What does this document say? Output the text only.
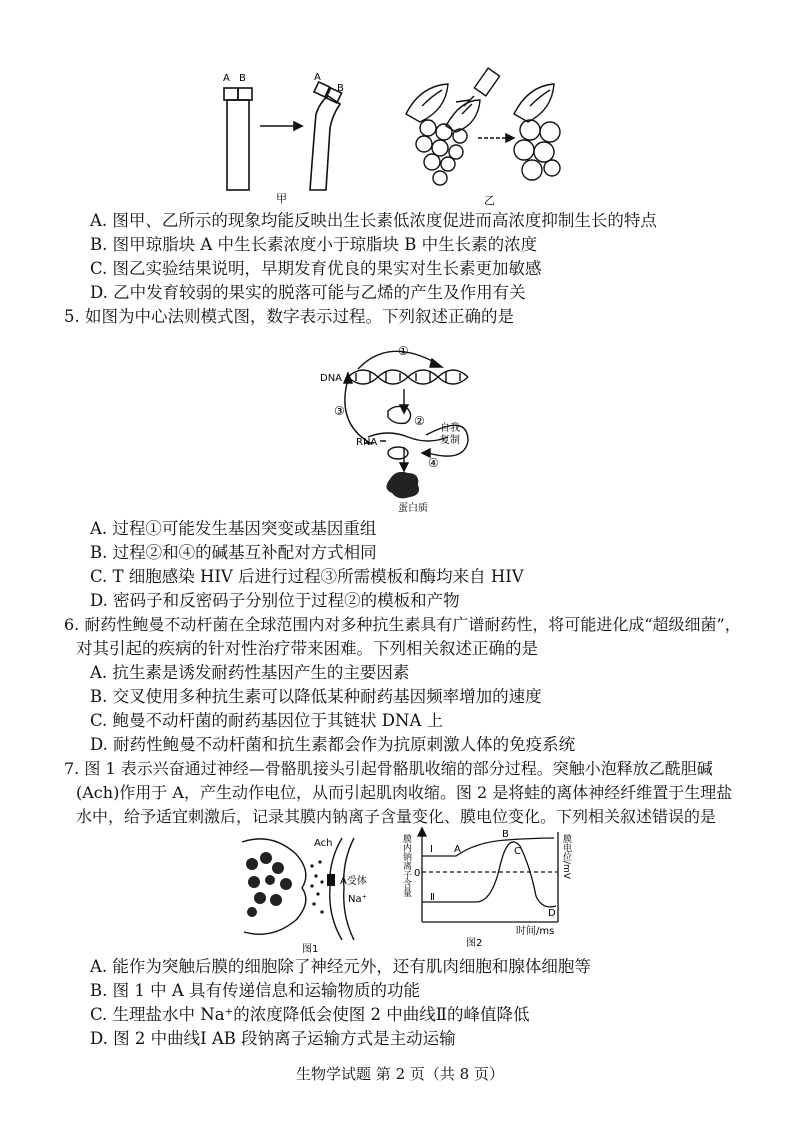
A B	A
B
甲	乙
A. 图甲、乙所示的现象均能反映出生长素低浓度促进而高浓度抑制生长的特点
B. 图甲琼脂块 A 中生长素浓度小于琼脂块 B 中生长素的浓度
C. 图乙实验结果说明，早期发育优良的果实对生长素更加敏感
D. 乙中发育较弱的果实的脱落可能与乙烯的产生及作用有关
5. 如图为中心法则模式图，数字表示过程。下列叙述正确的是
DNA
①
②
③
④
RNA
自我
复制
蛋白质
A. 过程①可能发生基因突变或基因重组
B. 过程②和④的碱基互补配对方式相同
C. T 细胞感染 HIV 后进行过程③所需模板和酶均来自 HIV
D. 密码子和反密码子分别位于过程②的模板和产物
6. 耐药性鲍曼不动杆菌在全球范围内对多种抗生素具有广谱耐药性，将可能进化成“超级细菌”，
对其引起的疾病的针对性治疗带来困难。下列相关叙述正确的是
A. 抗生素是诱发耐药性基因产生的主要因素
B. 交叉使用多种抗生素可以降低某种耐药基因频率增加的速度
C. 鲍曼不动杆菌的耐药基因位于其链状 DNA 上
D. 耐药性鲍曼不动杆菌和抗生素都会作为抗原刺激人体的免疫系统
7. 图 1 表示兴奋通过神经—骨骼肌接头引起骨骼肌收缩的部分过程。突触小泡释放乙酰胆碱
(Ach)作用于 A，产生动作电位，从而引起肌肉收缩。图 2 是将蛙的离体神经纤维置于生理盐
水中，给予适宜刺激后，记录其膜内钠离子含量变化、膜电位变化。下列相关叙述错误的是
Ach
A受体
Na⁺
图1
Ⅰ
Ⅱ
A
B
C
D
0
时间/ms
图2
膜内钠离子含量	膜电位/mV
A. 能作为突触后膜的细胞除了神经元外，还有肌肉细胞和腺体细胞等
B. 图 1 中 A 具有传递信息和运输物质的功能
C. 生理盐水中 Na⁺的浓度降低会使图 2 中曲线Ⅱ的峰值降低
D. 图 2 中曲线Ⅰ AB 段钠离子运输方式是主动运输
生物学试题 第 2 页（共 8 页）
